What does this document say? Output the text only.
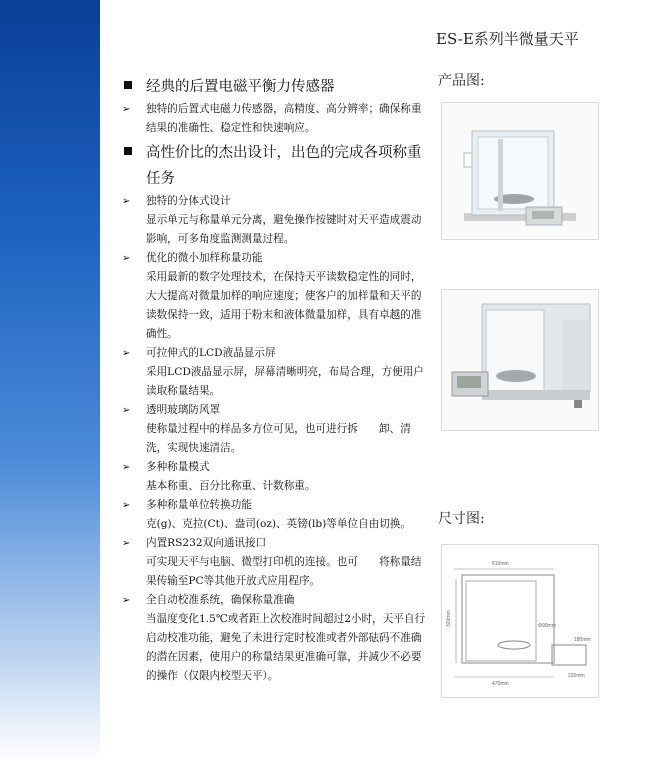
ES-E系列半微量天平
产品图:
尺寸图:
510mm
320mm	Φ90mm
180mm
470mm
220mm
经典的后置电磁平衡力传感器
➢ 独特的后置式电磁力传感器，高精度、高分辨率；确保称重结果的准确性、稳定性和快速响应。
高性价比的杰出设计，出色的完成各项称重任务
➢ 独特的分体式设计
显示单元与称量单元分离，避免操作按键时对天平造成震动影响，可多角度监测测量过程。
➢ 优化的微小加样称量功能
采用最新的数字处理技术，在保持天平读数稳定性的同时，大大提高对微量加样的响应速度；使客户的加样量和天平的读数保持一致，适用于粉末和液体微量加样，具有卓越的准确性。
➢ 可拉伸式的LCD液晶显示屏
采用LCD液晶显示屏，屏幕清晰明亮，布局合理，方便用户读取称量结果。
➢ 透明玻璃防风罩
使称量过程中的样品多方位可见，也可进行拆　　卸、清洗，实现快速清洁。
➢ 多种称量模式
基本称重、百分比称重、计数称重。
➢ 多种称量单位转换功能
克(g)、克拉(Ct)、盎司(oz)、英镑(lb)等单位自由切换。
➢ 内置RS232双向通讯接口
可实现天平与电脑、微型打印机的连接。也可　　将称量结果传输至PC等其他开放式应用程序。
➢ 全自动校准系统，确保称量准确
当温度变化1.5℃或者距上次校准时间超过2小时，天平自行启动校准功能，避免了未进行定时校准或者外部砝码不准确的潜在因素，使用户的称量结果更准确可靠，并减少不必要的操作（仅限内校型天平）。
